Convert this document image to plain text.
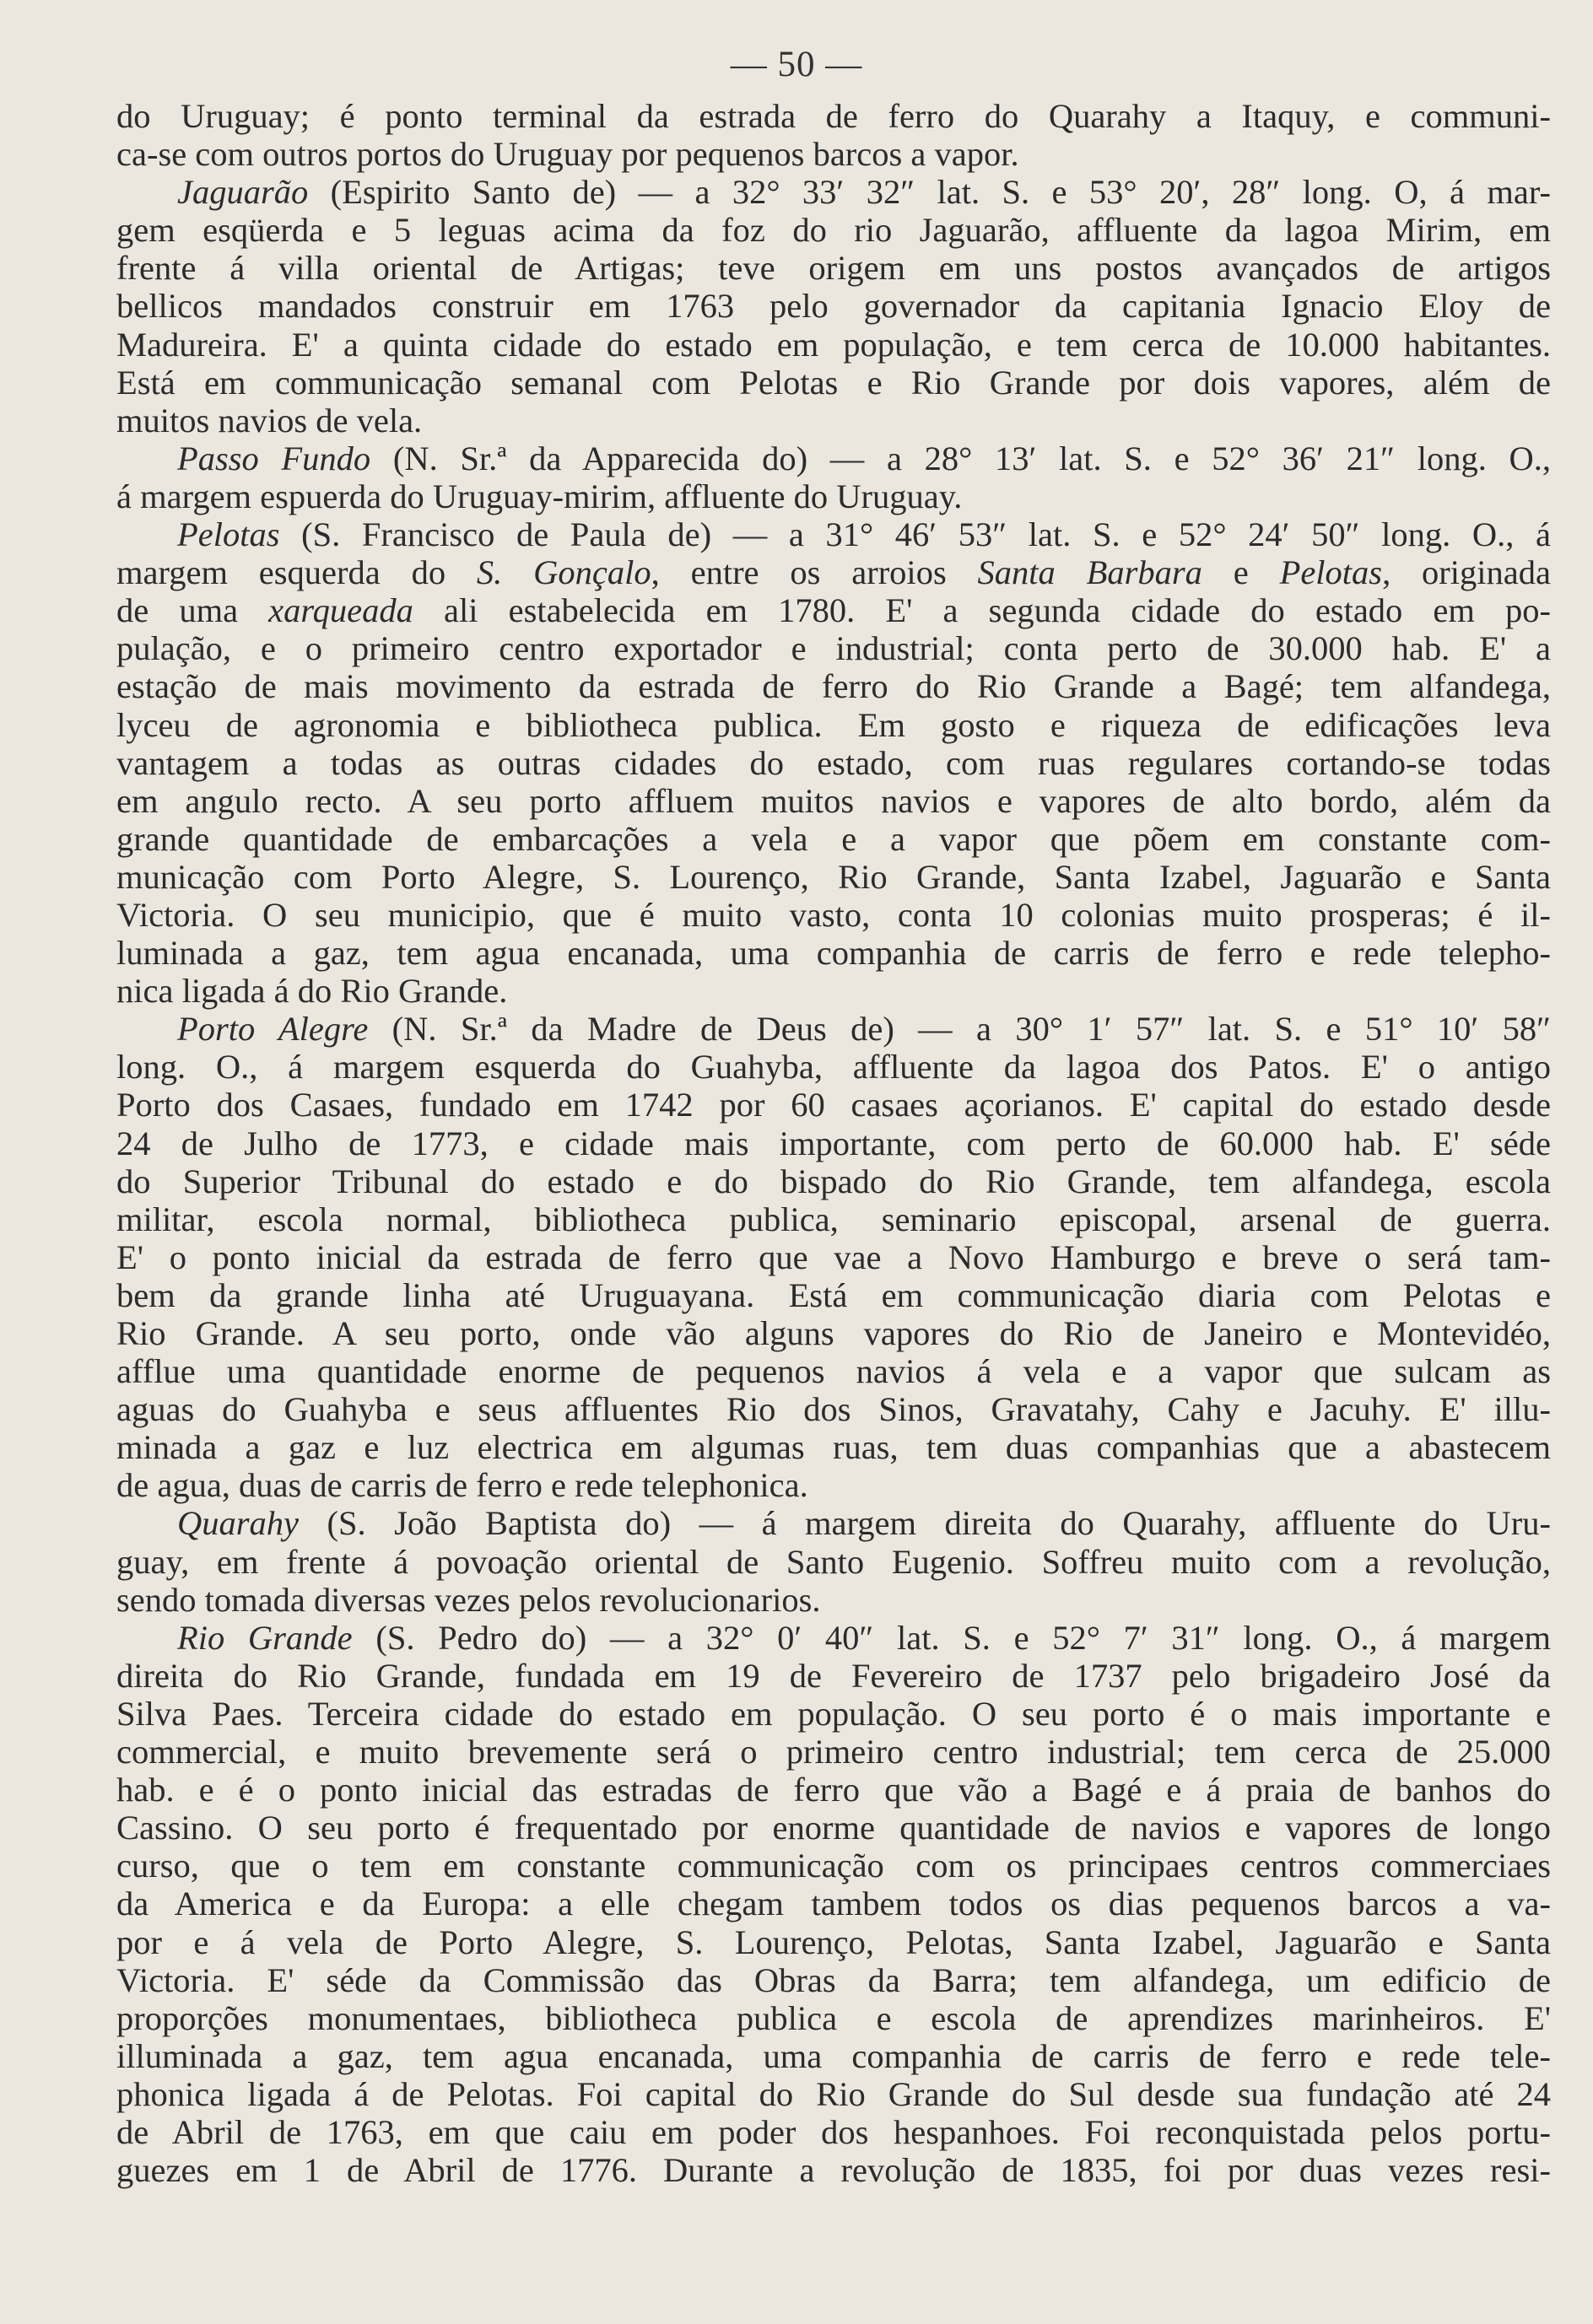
— 50 —
do Uruguay; é ponto terminal da estrada de ferro do Quarahy a Itaquy, e communi-
ca-se com outros portos do Uruguay por pequenos barcos a vapor.
Jaguarão (Espirito Santo de) — a 32° 33′ 32″ lat. S. e 53° 20′, 28″ long. O, á mar-
gem esqüerda e 5 leguas acima da foz do rio Jaguarão, affluente da lagoa Mirim, em
frente á villa oriental de Artigas; teve origem em uns postos avançados de artigos
bellicos mandados construir em 1763 pelo governador da capitania Ignacio Eloy de
Madureira. E' a quinta cidade do estado em população, e tem cerca de 10.000 habitantes.
Está em communicação semanal com Pelotas e Rio Grande por dois vapores, além de
muitos navios de vela.
Passo Fundo (N. Sr.ª da Apparecida do) — a 28° 13′ lat. S. e 52° 36′ 21″ long. O.,
á margem espuerda do Uruguay-mirim, affluente do Uruguay.
Pelotas (S. Francisco de Paula de) — a 31° 46′ 53″ lat. S. e 52° 24′ 50″ long. O., á
margem esquerda do S. Gonçalo, entre os arroios Santa Barbara e Pelotas, originada
de uma xarqueada ali estabelecida em 1780. E' a segunda cidade do estado em po-
pulação, e o primeiro centro exportador e industrial; conta perto de 30.000 hab. E' a
estação de mais movimento da estrada de ferro do Rio Grande a Bagé; tem alfandega,
lyceu de agronomia e bibliotheca publica. Em gosto e riqueza de edificações leva
vantagem a todas as outras cidades do estado, com ruas regulares cortando-se todas
em angulo recto. A seu porto affluem muitos navios e vapores de alto bordo, além da
grande quantidade de embarcações a vela e a vapor que põem em constante com-
municação com Porto Alegre, S. Lourenço, Rio Grande, Santa Izabel, Jaguarão e Santa
Victoria. O seu municipio, que é muito vasto, conta 10 colonias muito prosperas; é il-
luminada a gaz, tem agua encanada, uma companhia de carris de ferro e rede telepho-
nica ligada á do Rio Grande.
Porto Alegre (N. Sr.ª da Madre de Deus de) — a 30° 1′ 57″ lat. S. e 51° 10′ 58″
long. O., á margem esquerda do Guahyba, affluente da lagoa dos Patos. E' o antigo
Porto dos Casaes, fundado em 1742 por 60 casaes açorianos. E' capital do estado desde
24 de Julho de 1773, e cidade mais importante, com perto de 60.000 hab. E' séde
do Superior Tribunal do estado e do bispado do Rio Grande, tem alfandega, escola
militar, escola normal, bibliotheca publica, seminario episcopal, arsenal de guerra.
E' o ponto inicial da estrada de ferro que vae a Novo Hamburgo e breve o será tam-
bem da grande linha até Uruguayana. Está em communicação diaria com Pelotas e
Rio Grande. A seu porto, onde vão alguns vapores do Rio de Janeiro e Montevidéo,
afflue uma quantidade enorme de pequenos navios á vela e a vapor que sulcam as
aguas do Guahyba e seus affluentes Rio dos Sinos, Gravatahy, Cahy e Jacuhy. E' illu-
minada a gaz e luz electrica em algumas ruas, tem duas companhias que a abastecem
de agua, duas de carris de ferro e rede telephonica.
Quarahy (S. João Baptista do) — á margem direita do Quarahy, affluente do Uru-
guay, em frente á povoação oriental de Santo Eugenio. Soffreu muito com a revolução,
sendo tomada diversas vezes pelos revolucionarios.
Rio Grande (S. Pedro do) — a 32° 0′ 40″ lat. S. e 52° 7′ 31″ long. O., á margem
direita do Rio Grande, fundada em 19 de Fevereiro de 1737 pelo brigadeiro José da
Silva Paes. Terceira cidade do estado em população. O seu porto é o mais importante e
commercial, e muito brevemente será o primeiro centro industrial; tem cerca de 25.000
hab. e é o ponto inicial das estradas de ferro que vão a Bagé e á praia de banhos do
Cassino. O seu porto é frequentado por enorme quantidade de navios e vapores de longo
curso, que o tem em constante communicação com os principaes centros commerciaes
da America e da Europa: a elle chegam tambem todos os dias pequenos barcos a va-
por e á vela de Porto Alegre, S. Lourenço, Pelotas, Santa Izabel, Jaguarão e Santa
Victoria. E' séde da Commissão das Obras da Barra; tem alfandega, um edificio de
proporções monumentaes, bibliotheca publica e escola de aprendizes marinheiros. E'
illuminada a gaz, tem agua encanada, uma companhia de carris de ferro e rede tele-
phonica ligada á de Pelotas. Foi capital do Rio Grande do Sul desde sua fundação até 24
de Abril de 1763, em que caiu em poder dos hespanhoes. Foi reconquistada pelos portu-
guezes em 1 de Abril de 1776. Durante a revolução de 1835, foi por duas vezes resi-
